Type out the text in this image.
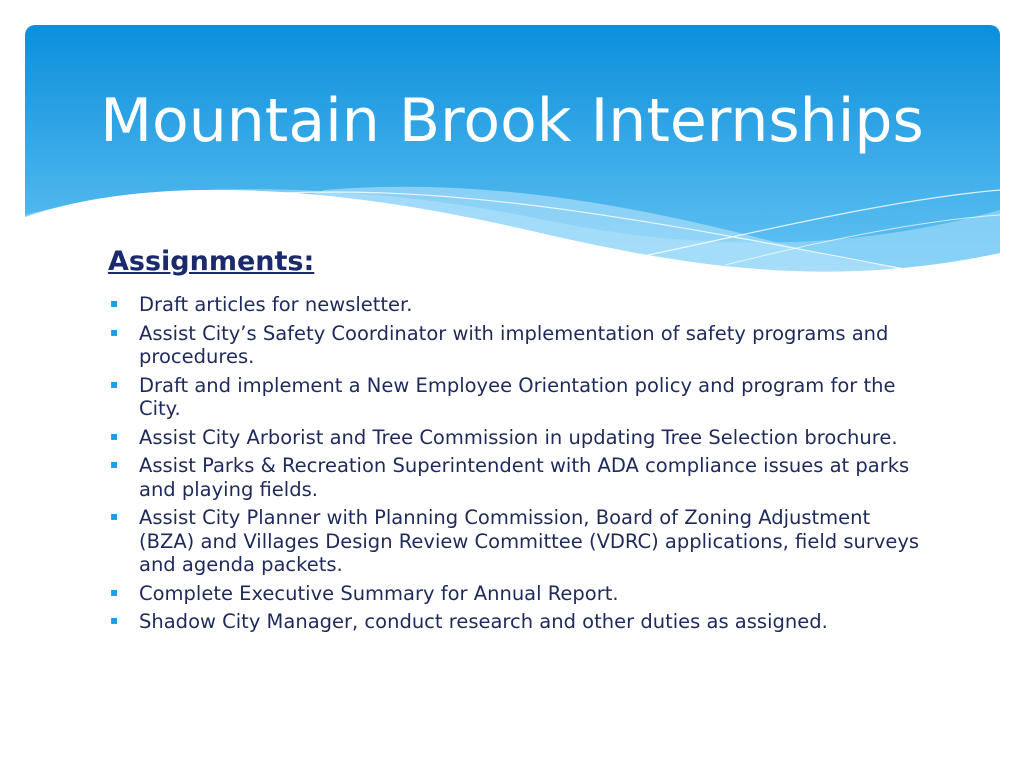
Mountain Brook Internships
Assignments:
▪ Draft articles for newsletter.
▪ Assist City’s Safety Coordinator with implementation of safety programs and procedures.
▪ Draft and implement a New Employee Orientation policy and program for the City.
▪ Assist City Arborist and Tree Commission in updating Tree Selection brochure.
▪ Assist Parks & Recreation Superintendent with ADA compliance issues at parks and playing fields.
▪ Assist City Planner with Planning Commission, Board of Zoning Adjustment (BZA) and Villages Design Review Committee (VDRC) applications, field surveys and agenda packets.
▪ Complete Executive Summary for Annual Report.
▪ Shadow City Manager, conduct research and other duties as assigned.
